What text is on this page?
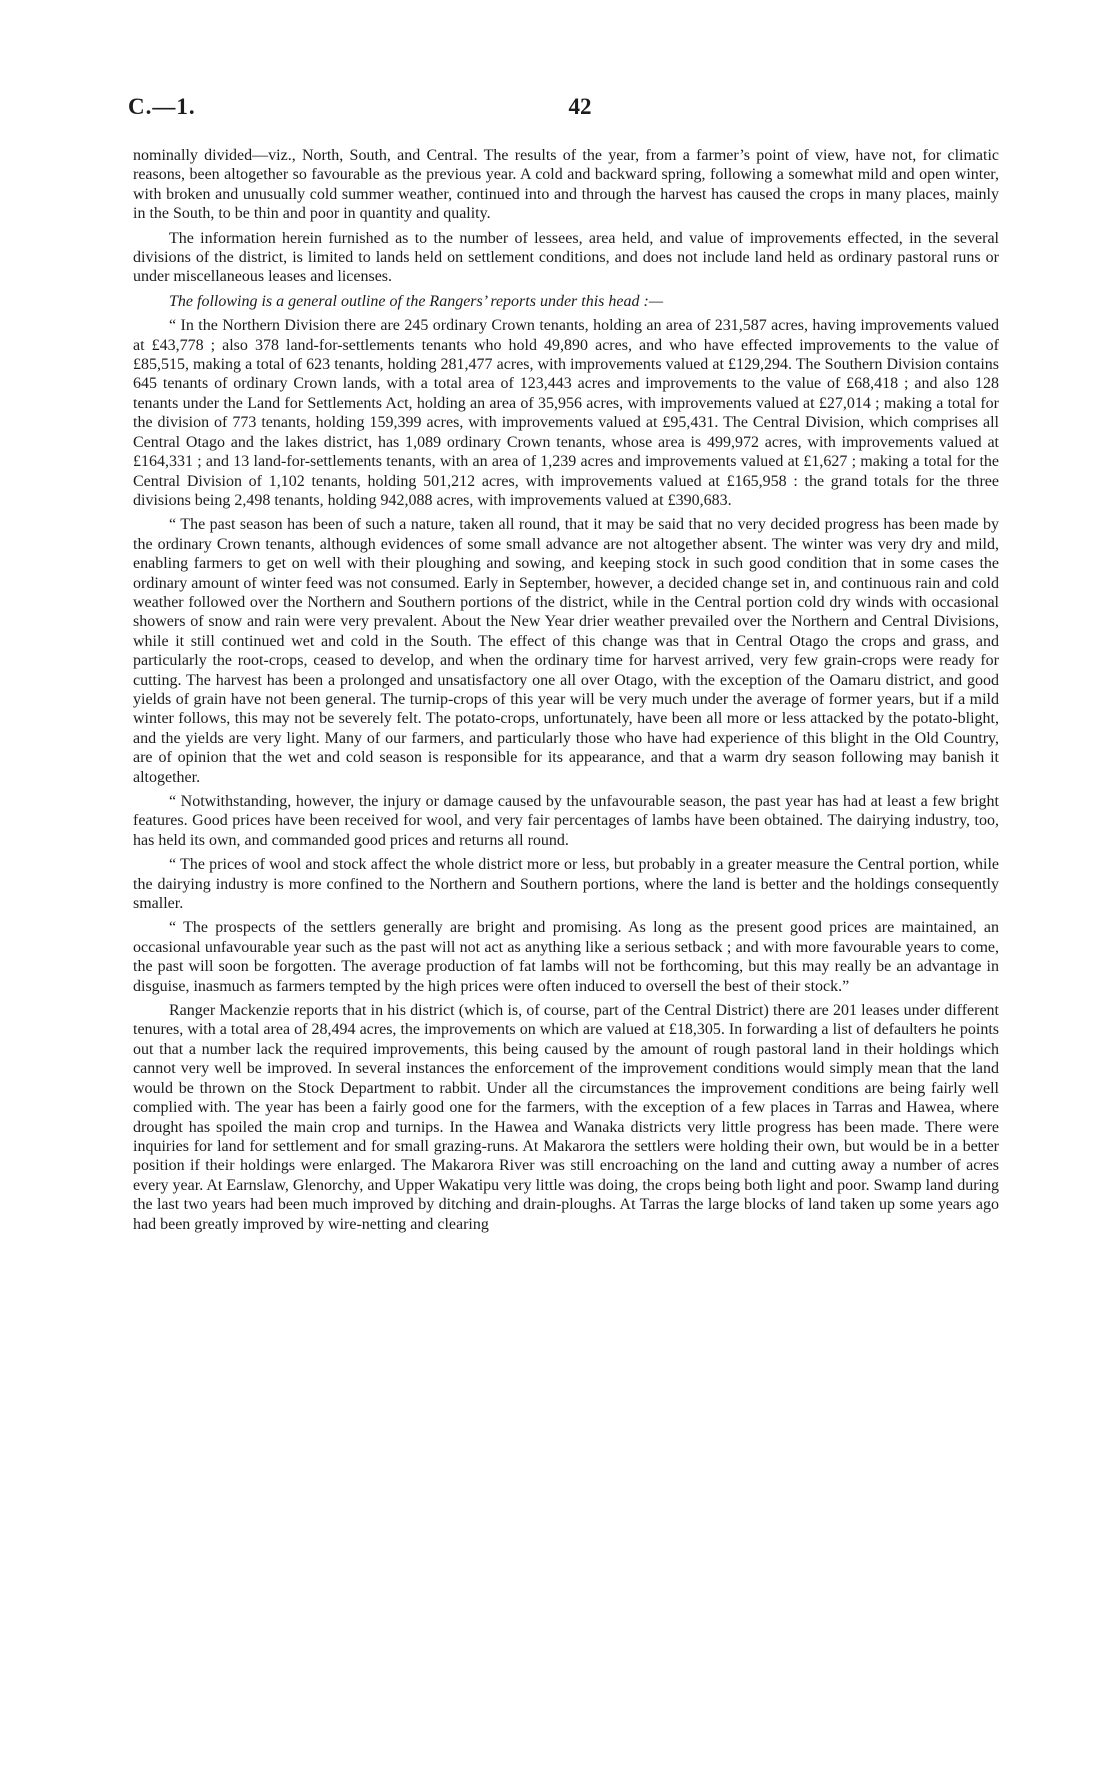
C.—1.	42

nominally divided—viz., North, South, and Central. The results of the year, from a farmer’s point of view, have not, for climatic reasons, been altogether so favourable as the previous year. A cold and backward spring, following a somewhat mild and open winter, with broken and unusually cold summer weather, continued into and through the harvest has caused the crops in many places, mainly in the South, to be thin and poor in quantity and quality.

The information herein furnished as to the number of lessees, area held, and value of improvements effected, in the several divisions of the district, is limited to lands held on settlement conditions, and does not include land held as ordinary pastoral runs or under miscellaneous leases and licenses.

The following is a general outline of the Rangers’ reports under this head :—

“ In the Northern Division there are 245 ordinary Crown tenants, holding an area of 231,587 acres, having improvements valued at £43,778 ; also 378 land-for-settlements tenants who hold 49,890 acres, and who have effected improvements to the value of £85,515, making a total of 623 tenants, holding 281,477 acres, with improvements valued at £129,294. The Southern Division contains 645 tenants of ordinary Crown lands, with a total area of 123,443 acres and improvements to the value of £68,418 ; and also 128 tenants under the Land for Settlements Act, holding an area of 35,956 acres, with improvements valued at £27,014 ; making a total for the division of 773 tenants, holding 159,399 acres, with improvements valued at £95,431. The Central Division, which comprises all Central Otago and the lakes district, has 1,089 ordinary Crown tenants, whose area is 499,972 acres, with improvements valued at £164,331 ; and 13 land-for-settlements tenants, with an area of 1,239 acres and improvements valued at £1,627 ; making a total for the Central Division of 1,102 tenants, holding 501,212 acres, with improvements valued at £165,958 : the grand totals for the three divisions being 2,498 tenants, holding 942,088 acres, with improvements valued at £390,683.

“ The past season has been of such a nature, taken all round, that it may be said that no very decided progress has been made by the ordinary Crown tenants, although evidences of some small advance are not altogether absent. The winter was very dry and mild, enabling farmers to get on well with their ploughing and sowing, and keeping stock in such good condition that in some cases the ordinary amount of winter feed was not consumed. Early in September, however, a decided change set in, and continuous rain and cold weather followed over the Northern and Southern portions of the district, while in the Central portion cold dry winds with occasional showers of snow and rain were very prevalent. About the New Year drier weather prevailed over the Northern and Central Divisions, while it still continued wet and cold in the South. The effect of this change was that in Central Otago the crops and grass, and particularly the root-crops, ceased to develop, and when the ordinary time for harvest arrived, very few grain-crops were ready for cutting. The harvest has been a prolonged and unsatisfactory one all over Otago, with the exception of the Oamaru district, and good yields of grain have not been general. The turnip-crops of this year will be very much under the average of former years, but if a mild winter follows, this may not be severely felt. The potato-crops, unfortunately, have been all more or less attacked by the potato-blight, and the yields are very light. Many of our farmers, and particularly those who have had experience of this blight in the Old Country, are of opinion that the wet and cold season is responsible for its appearance, and that a warm dry season following may banish it altogether.

“ Notwithstanding, however, the injury or damage caused by the unfavourable season, the past year has had at least a few bright features. Good prices have been received for wool, and very fair percentages of lambs have been obtained. The dairying industry, too, has held its own, and commanded good prices and returns all round.

“ The prices of wool and stock affect the whole district more or less, but probably in a greater measure the Central portion, while the dairying industry is more confined to the Northern and Southern portions, where the land is better and the holdings consequently smaller.

“ The prospects of the settlers generally are bright and promising. As long as the present good prices are maintained, an occasional unfavourable year such as the past will not act as anything like a serious setback ; and with more favourable years to come, the past will soon be forgotten. The average production of fat lambs will not be forthcoming, but this may really be an advantage in disguise, inasmuch as farmers tempted by the high prices were often induced to oversell the best of their stock.”

Ranger Mackenzie reports that in his district (which is, of course, part of the Central District) there are 201 leases under different tenures, with a total area of 28,494 acres, the improvements on which are valued at £18,305. In forwarding a list of defaulters he points out that a number lack the required improvements, this being caused by the amount of rough pastoral land in their holdings which cannot very well be improved. In several instances the enforcement of the improvement conditions would simply mean that the land would be thrown on the Stock Department to rabbit. Under all the circumstances the improvement conditions are being fairly well complied with. The year has been a fairly good one for the farmers, with the exception of a few places in Tarras and Hawea, where drought has spoiled the main crop and turnips. In the Hawea and Wanaka districts very little progress has been made. There were inquiries for land for settlement and for small grazing-runs. At Makarora the settlers were holding their own, but would be in a better position if their holdings were enlarged. The Makarora River was still encroaching on the land and cutting away a number of acres every year. At Earnslaw, Glenorchy, and Upper Wakatipu very little was doing, the crops being both light and poor. Swamp land during the last two years had been much improved by ditching and drain-ploughs. At Tarras the large blocks of land taken up some years ago had been greatly improved by wire-netting and clearing
